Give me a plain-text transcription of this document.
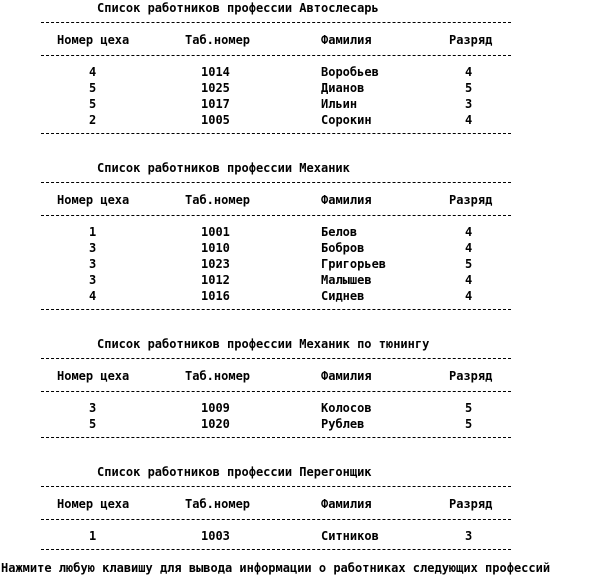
Список работников профессии Автослесарь
Номер цеха	Таб.номер	Фамилия	Разряд
4	1014	Воробьев	4
5	1025	Дианов	5
5	1017	Ильин	3
2	1005	Сорокин	4
Список работников профессии Механик
Номер цеха	Таб.номер	Фамилия	Разряд
1	1001	Белов	4
3	1010	Бобров	4
3	1023	Григорьев	5
3	1012	Малышев	4
4	1016	Сиднев	4
Список работников профессии Механик по тюнингу
Номер цеха	Таб.номер	Фамилия	Разряд
3	1009	Колосов	5
5	1020	Рублев	5
Список работников профессии Перегонщик
Номер цеха	Таб.номер	Фамилия	Разряд
1	1003	Ситников	3
Нажмите любую клавишу для вывода информации о работниках следующих профессий
